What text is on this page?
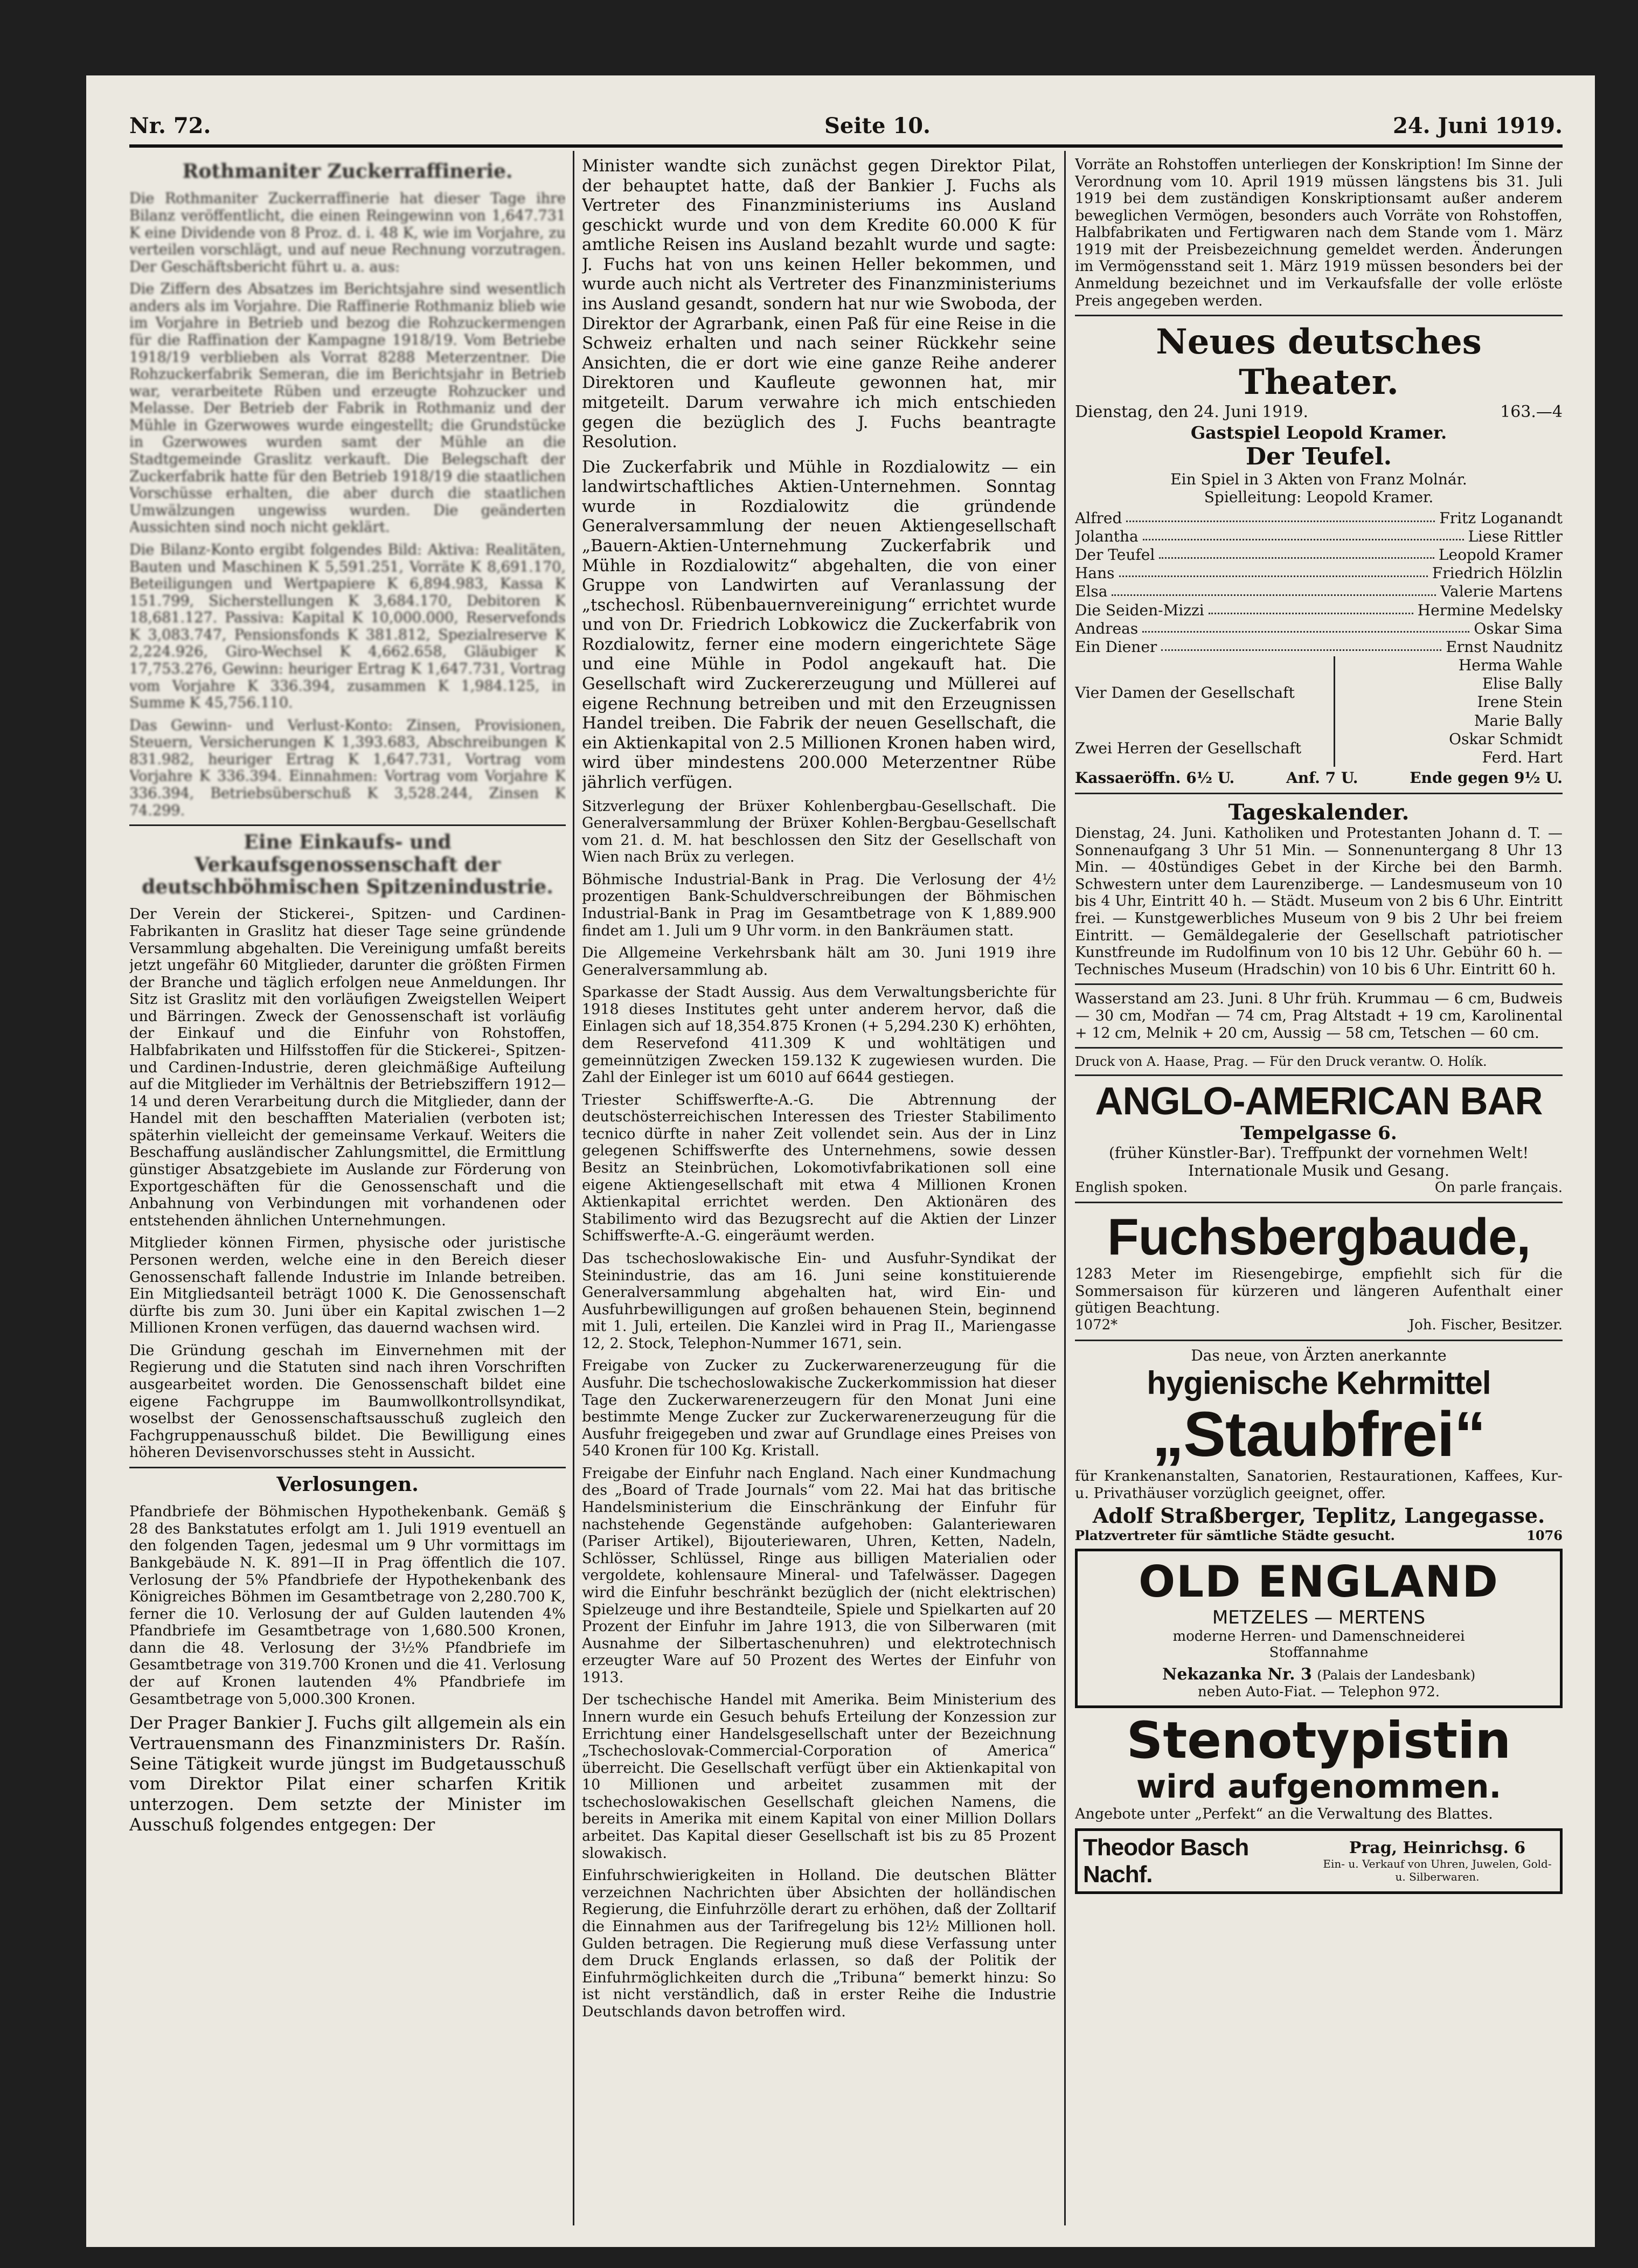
Nr. 72.	Seite 10.	24. Juni 1919.
Rothmaniter Zuckerraffinerie.

Die Rothmaniter Zuckerraffinerie hat dieser Tage ihre Bilanz veröffentlicht, die einen Reingewinn von 1,647.731 K eine Dividende von 8 Proz. d. i. 48 K, wie im Vorjahre, zu verteilen vorschlägt, und auf neue Rechnung vorzutragen. Der Geschäftsbericht führt u. a. aus:

Die Ziffern des Absatzes im Berichtsjahre sind wesentlich anders als im Vorjahre. Die Raffinerie Rothmaniz blieb wie im Vorjahre in Betrieb und bezog die Rohzuckermengen für die Raffination der Kampagne 1918/19. Vom Betriebe 1918/19 verblieben als Vorrat 8288 Meterzentner. Die Rohzuckerfabrik Semeran, die im Berichtsjahr in Betrieb war, verarbeitete Rüben und erzeugte Rohzucker und Melasse. Der Betrieb der Fabrik in Rothmaniz und der Mühle in Gzerwowes wurde eingestellt; die Grundstücke in Gzerwowes wurden samt der Mühle an die Stadtgemeinde Graslitz verkauft. Die Belegschaft der Zuckerfabrik hatte für den Betrieb 1918/19 die staatlichen Vorschüsse erhalten, die aber durch die staatlichen Umwälzungen ungewiss wurden. Die geänderten Aussichten sind noch nicht geklärt.

Die Bilanz-Konto ergibt folgendes Bild: Aktiva: Realitäten, Bauten und Maschinen K 5,591.251, Vorräte K 8,691.170, Beteiligungen und Wertpapiere K 6,894.983, Kassa K 151.799, Sicherstellungen K 3,684.170, Debitoren K 18,681.127. Passiva: Kapital K 10,000.000, Reservefonds K 3,083.747, Pensionsfonds K 381.812, Spezialreserve K 2,224.926, Giro-Wechsel K 4,662.658, Gläubiger K 17,753.276, Gewinn: heuriger Ertrag K 1,647.731, Vortrag vom Vorjahre K 336.394, zusammen K 1,984.125, in Summe K 45,756.110.

Das Gewinn- und Verlust-Konto: Zinsen, Provisionen, Steuern, Versicherungen K 1,393.683, Abschreibungen K 831.982, heuriger Ertrag K 1,647.731, Vortrag vom Vorjahre K 336.394. Einnahmen: Vortrag vom Vorjahre K 336.394, Betriebsüberschuß K 3,528.244, Zinsen K 74.299.

Eine Einkaufs- und Verkaufsgenossenschaft der deutschböhmischen Spitzenindustrie.

Der Verein der Stickerei-, Spitzen- und Cardinen-Fabrikanten in Graslitz hat dieser Tage seine gründende Versammlung abgehalten. Die Vereinigung umfaßt bereits jetzt ungefähr 60 Mitglieder, darunter die größten Firmen der Branche und täglich erfolgen neue Anmeldungen. Ihr Sitz ist Graslitz mit den vorläufigen Zweigstellen Weipert und Bärringen. Zweck der Genossenschaft ist vorläufig der Einkauf und die Einfuhr von Rohstoffen, Halbfabrikaten und Hilfsstoffen für die Stickerei-, Spitzen- und Cardinen-Industrie, deren gleichmäßige Aufteilung auf die Mitglieder im Verhältnis der Betriebsziffern 1912—14 und deren Verarbeitung durch die Mitglieder, dann der Handel mit den beschafften Materialien (verboten ist; späterhin vielleicht der gemeinsame Verkauf. Weiters die Beschaffung ausländischer Zahlungsmittel, die Ermittlung günstiger Absatzgebiete im Auslande zur Förderung von Exportgeschäften für die Genossenschaft und die Anbahnung von Verbindungen mit vorhandenen oder entstehenden ähnlichen Unternehmungen.

Mitglieder können Firmen, physische oder juristische Personen werden, welche eine in den Bereich dieser Genossenschaft fallende Industrie im Inlande betreiben. Ein Mitgliedsanteil beträgt 1000 K. Die Genossenschaft dürfte bis zum 30. Juni über ein Kapital zwischen 1—2 Millionen Kronen verfügen, das dauernd wachsen wird.

Die Gründung geschah im Einvernehmen mit der Regierung und die Statuten sind nach ihren Vorschriften ausgearbeitet worden. Die Genossenschaft bildet eine eigene Fachgruppe im Baumwollkontrollsyndikat, woselbst der Genossenschaftsausschuß zugleich den Fachgruppenausschuß bildet. Die Bewilligung eines höheren Devisenvorschusses steht in Aussicht.

Verlosungen.

Pfandbriefe der Böhmischen Hypothekenbank. Gemäß § 28 des Bankstatutes erfolgt am 1. Juli 1919 eventuell an den folgenden Tagen, jedesmal um 9 Uhr vormittags im Bankgebäude N. K. 891—II in Prag öffentlich die 107. Verlosung der 5% Pfandbriefe der Hypothekenbank des Königreiches Böhmen im Gesamtbetrage von 2,280.700 K, ferner die 10. Verlosung der auf Gulden lautenden 4% Pfandbriefe im Gesamtbetrage von 1,680.500 Kronen, dann die 48. Verlosung der 3½% Pfandbriefe im Gesamtbetrage von 319.700 Kronen und die 41. Verlosung der auf Kronen lautenden 4% Pfandbriefe im Gesamtbetrage von 5,000.300 Kronen.

Der Prager Bankier J. Fuchs gilt allgemein als ein Vertrauensmann des Finanzministers Dr. Rašín. Seine Tätigkeit wurde jüngst im Budgetausschuß vom Direktor Pilat einer scharfen Kritik unterzogen. Dem setzte der Minister im Ausschuß folgendes entgegen: Der

Minister wandte sich zunächst gegen Direktor Pilat, der behauptet hatte, daß der Bankier J. Fuchs als Vertreter des Finanzministeriums ins Ausland geschickt wurde und von dem Kredite 60.000 K für amtliche Reisen ins Ausland bezahlt wurde und sagte: J. Fuchs hat von uns keinen Heller bekommen, und wurde auch nicht als Vertreter des Finanzministeriums ins Ausland gesandt, sondern hat nur wie Swoboda, der Direktor der Agrarbank, einen Paß für eine Reise in die Schweiz erhalten und nach seiner Rückkehr seine Ansichten, die er dort wie eine ganze Reihe anderer Direktoren und Kaufleute gewonnen hat, mir mitgeteilt. Darum verwahre ich mich entschieden gegen die bezüglich des J. Fuchs beantragte Resolution.

Die Zuckerfabrik und Mühle in Rozdialowitz — ein landwirtschaftliches Aktien-Unternehmen. Sonntag wurde in Rozdialowitz die gründende Generalversammlung der neuen Aktiengesellschaft „Bauern-Aktien-Unternehmung Zuckerfabrik und Mühle in Rozdialowitz“ abgehalten, die von einer Gruppe von Landwirten auf Veranlassung der „tschechosl. Rübenbauernvereinigung“ errichtet wurde und von Dr. Friedrich Lobkowicz die Zuckerfabrik von Rozdialowitz, ferner eine modern eingerichtete Säge und eine Mühle in Podol angekauft hat. Die Gesellschaft wird Zuckererzeugung und Müllerei auf eigene Rechnung betreiben und mit den Erzeugnissen Handel treiben. Die Fabrik der neuen Gesellschaft, die ein Aktienkapital von 2.5 Millionen Kronen haben wird, wird über mindestens 200.000 Meterzentner Rübe jährlich verfügen.

Sitzverlegung der Brüxer Kohlenbergbau-Gesellschaft. Die Generalversammlung der Brüxer Kohlen-Bergbau-Gesellschaft vom 21. d. M. hat beschlossen den Sitz der Gesellschaft von Wien nach Brüx zu verlegen.

Böhmische Industrial-Bank in Prag. Die Verlosung der 4½ prozentigen Bank-Schuldverschreibungen der Böhmischen Industrial-Bank in Prag im Gesamtbetrage von K 1,889.900 findet am 1. Juli um 9 Uhr vorm. in den Bankräumen statt.

Die Allgemeine Verkehrsbank hält am 30. Juni 1919 ihre Generalversammlung ab.

Sparkasse der Stadt Aussig. Aus dem Verwaltungsberichte für 1918 dieses Institutes geht unter anderem hervor, daß die Einlagen sich auf 18,354.875 Kronen (+ 5,294.230 K) erhöhten, dem Reservefond 411.309 K und wohltätigen und gemeinnützigen Zwecken 159.132 K zugewiesen wurden. Die Zahl der Einleger ist um 6010 auf 6644 gestiegen.

Triester Schiffswerfte-A.-G. Die Abtrennung der deutschösterreichischen Interessen des Triester Stabilimento tecnico dürfte in naher Zeit vollendet sein. Aus der in Linz gelegenen Schiffswerfte des Unternehmens, sowie dessen Besitz an Steinbrüchen, Lokomotivfabrikationen soll eine eigene Aktiengesellschaft mit etwa 4 Millionen Kronen Aktienkapital errichtet werden. Den Aktionären des Stabilimento wird das Bezugsrecht auf die Aktien der Linzer Schiffswerfte-A.-G. eingeräumt werden.

Das tschechoslowakische Ein- und Ausfuhr-Syndikat der Steinindustrie, das am 16. Juni seine konstituierende Generalversammlung abgehalten hat, wird Ein- und Ausfuhrbewilligungen auf großen behauenen Stein, beginnend mit 1. Juli, erteilen. Die Kanzlei wird in Prag II., Mariengasse 12, 2. Stock, Telephon-Nummer 1671, sein.

Freigabe von Zucker zu Zuckerwarenerzeugung für die Ausfuhr. Die tschechoslowakische Zuckerkommission hat dieser Tage den Zuckerwarenerzeugern für den Monat Juni eine bestimmte Menge Zucker zur Zuckerwarenerzeugung für die Ausfuhr freigegeben und zwar auf Grundlage eines Preises von 540 Kronen für 100 Kg. Kristall.

Freigabe der Einfuhr nach England. Nach einer Kundmachung des „Board of Trade Journals“ vom 22. Mai hat das britische Handelsministerium die Einschränkung der Einfuhr für nachstehende Gegenstände aufgehoben: Galanteriewaren (Pariser Artikel), Bijouteriewaren, Uhren, Ketten, Nadeln, Schlösser, Schlüssel, Ringe aus billigen Materialien oder vergoldete, kohlensaure Mineral- und Tafelwässer. Dagegen wird die Einfuhr beschränkt bezüglich der (nicht elektrischen) Spielzeuge und ihre Bestandteile, Spiele und Spielkarten auf 20 Prozent der Einfuhr im Jahre 1913, die von Silberwaren (mit Ausnahme der Silbertaschenuhren) und elektrotechnisch erzeugter Ware auf 50 Prozent des Wertes der Einfuhr von 1913.

Der tschechische Handel mit Amerika. Beim Ministerium des Innern wurde ein Gesuch behufs Erteilung der Konzession zur Errichtung einer Handelsgesellschaft unter der Bezeichnung „Tschechoslovak-Commercial-Corporation of America“ überreicht. Die Gesellschaft verfügt über ein Aktienkapital von 10 Millionen und arbeitet zusammen mit der tschechoslowakischen Gesellschaft gleichen Namens, die bereits in Amerika mit einem Kapital von einer Million Dollars arbeitet. Das Kapital dieser Gesellschaft ist bis zu 85 Prozent slowakisch.

Einfuhrschwierigkeiten in Holland. Die deutschen Blätter verzeichnen Nachrichten über Absichten der holländischen Regierung, die Einfuhrzölle derart zu erhöhen, daß der Zolltarif die Einnahmen aus der Tarifregelung bis 12½ Millionen holl. Gulden betragen. Die Regierung muß diese Verfassung unter dem Druck Englands erlassen, so daß der Politik der Einfuhrmöglichkeiten durch die „Tribuna“ bemerkt hinzu: So ist nicht verständlich, daß in erster Reihe die Industrie Deutschlands davon betroffen wird.

Vorräte an Rohstoffen unterliegen der Konskription! Im Sinne der Verordnung vom 10. April 1919 müssen längstens bis 31. Juli 1919 bei dem zuständigen Konskriptionsamt außer anderem beweglichen Vermögen, besonders auch Vorräte von Rohstoffen, Halbfabrikaten und Fertigwaren nach dem Stande vom 1. März 1919 mit der Preisbezeichnung gemeldet werden. Änderungen im Vermögensstand seit 1. März 1919 müssen besonders bei der Anmeldung bezeichnet und im Verkaufsfalle der volle erlöste Preis angegeben werden.

Neues deutsches Theater.
Dienstag, den 24. Juni 1919.	163.—4
Gastspiel Leopold Kramer.
Der Teufel.
Ein Spiel in 3 Akten von Franz Molnár.
Spielleitung: Leopold Kramer.
Alfred	Fritz Loganandt
Jolantha	Liese Rittler
Der Teufel	Leopold Kramer
Hans	Friedrich Hölzlin
Elsa	Valerie Martens
Die Seiden-Mizzi	Hermine Medelsky
Andreas	Oskar Sima
Ein Diener	Ernst Naudnitz
Vier Damen der Gesellschaft
Herma Wahle
Elise Bally
Irene Stein
Marie Bally
Zwei Herren der Gesellschaft
Oskar Schmidt
Ferd. Hart
Kassaeröffn. 6½ U.	Anf. 7 U.	Ende gegen 9½ U.
Tageskalender.

Dienstag, 24. Juni. Katholiken und Protestanten Johann d. T. — Sonnenaufgang 3 Uhr 51 Min. — Sonnenuntergang 8 Uhr 13 Min. — 40stündiges Gebet in der Kirche bei den Barmh. Schwestern unter dem Laurenziberge. — Landesmuseum von 10 bis 4 Uhr, Eintritt 40 h. — Städt. Museum von 2 bis 6 Uhr. Eintritt frei. — Kunstgewerbliches Museum von 9 bis 2 Uhr bei freiem Eintritt. — Gemäldegalerie der Gesellschaft patriotischer Kunstfreunde im Rudolfinum von 10 bis 12 Uhr. Gebühr 60 h. — Technisches Museum (Hradschin) von 10 bis 6 Uhr. Eintritt 60 h.

Wasserstand am 23. Juni. 8 Uhr früh. Krummau — 6 cm, Budweis — 30 cm, Modřan — 74 cm, Prag Altstadt + 19 cm, Karolinental + 12 cm, Melnik + 20 cm, Aussig — 58 cm, Tetschen — 60 cm.

Druck von A. Haase, Prag. — Für den Druck verantw. O. Holík.

ANGLO-AMERICAN BAR
Tempelgasse 6.
(früher Künstler-Bar). Treffpunkt der vornehmen Welt! Internationale Musik und Gesang.
English spoken.	On parle français.
Fuchsbergbaude,

1283 Meter im Riesengebirge, empfiehlt sich für die Sommersaison für kürzeren und längeren Aufenthalt einer gütigen Beachtung.

1072*	Joh. Fischer, Besitzer.
Das neue, von Ärzten anerkannte
hygienische Kehrmittel
„Staubfrei“

für Krankenanstalten, Sanatorien, Restaurationen, Kaffees, Kur- u. Privathäuser vorzüglich geeignet, offer.

Adolf Straßberger, Teplitz, Langegasse.
Platzvertreter für sämtliche Städte gesucht.	1076
OLD ENGLAND
METZELES — MERTENS
moderne Herren- und Damenschneiderei
Stoffannahme
Nekazanka Nr. 3 (Palais der Landesbank)
neben Auto-Fiat. — Telephon 972.
Stenotypistin
wird aufgenommen.

Angebote unter „Perfekt“ an die Verwaltung des Blattes.

Theodor Basch Nachf.
Prag, Heinrichsg. 6
Ein- u. Verkauf von Uhren, Juwelen, Gold- u. Silberwaren.
